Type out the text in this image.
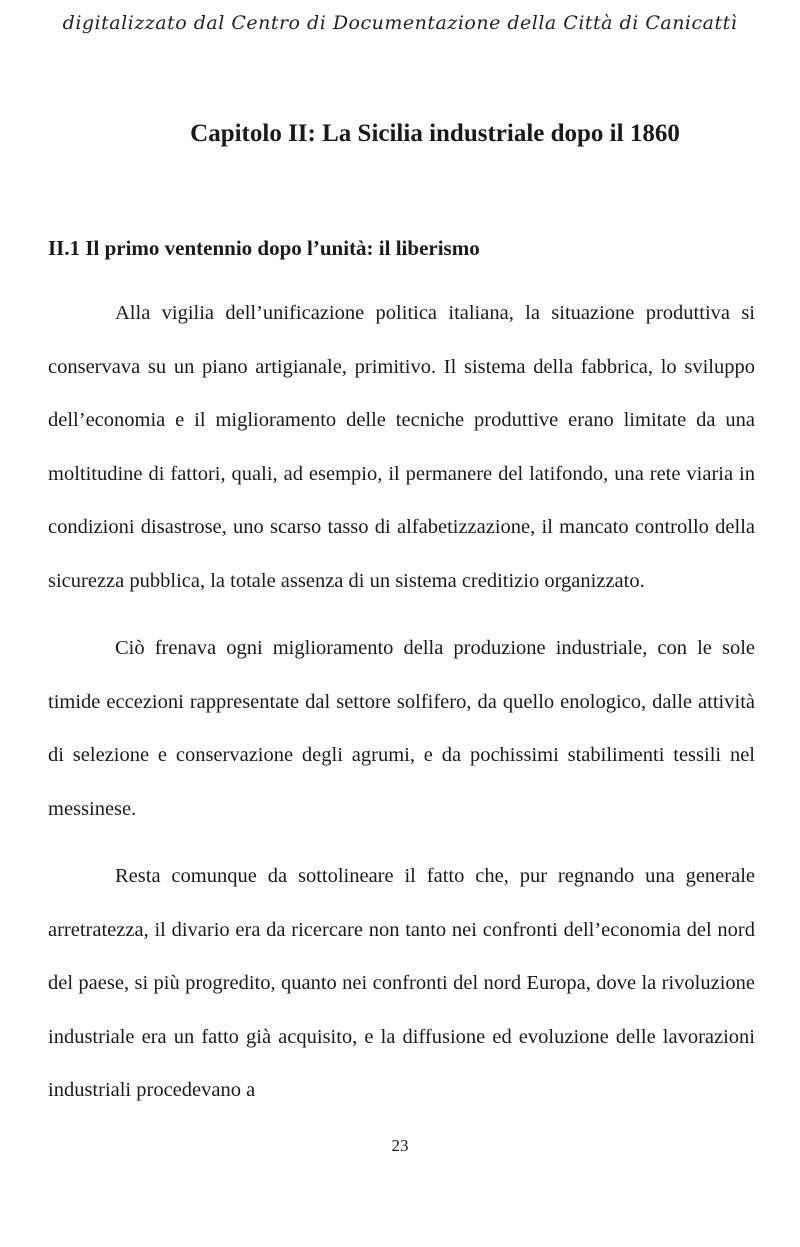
digitalizzato dal Centro di Documentazione della Città di Canicattì
Capitolo II: La Sicilia industriale dopo il 1860
II.1 Il primo ventennio dopo l’unità: il liberismo

Alla vigilia dell’unificazione politica italiana, la situazione produttiva si conservava su un piano artigianale, primitivo. Il sistema della fabbrica, lo sviluppo dell’economia e il miglioramento delle tecniche produttive erano limitate da una moltitudine di fattori, quali, ad esempio, il permanere del latifondo, una rete viaria in condizioni disastrose, uno scarso tasso di alfabetizzazione, il mancato controllo della sicurezza pubblica, la totale assenza di un sistema creditizio organizzato.

Ciò frenava ogni miglioramento della produzione industriale, con le sole timide eccezioni rappresentate dal settore solfifero, da quello enologico, dalle attività di selezione e conservazione degli agrumi, e da pochissimi stabilimenti tessili nel messinese.

Resta comunque da sottolineare il fatto che, pur regnando una generale arretratezza, il divario era da ricercare non tanto nei confronti dell’economia del nord del paese, si più progredito, quanto nei confronti del nord Europa, dove la rivoluzione industriale era un fatto già acquisito, e la diffusione ed evoluzione delle lavorazioni industriali procedevano a

23
